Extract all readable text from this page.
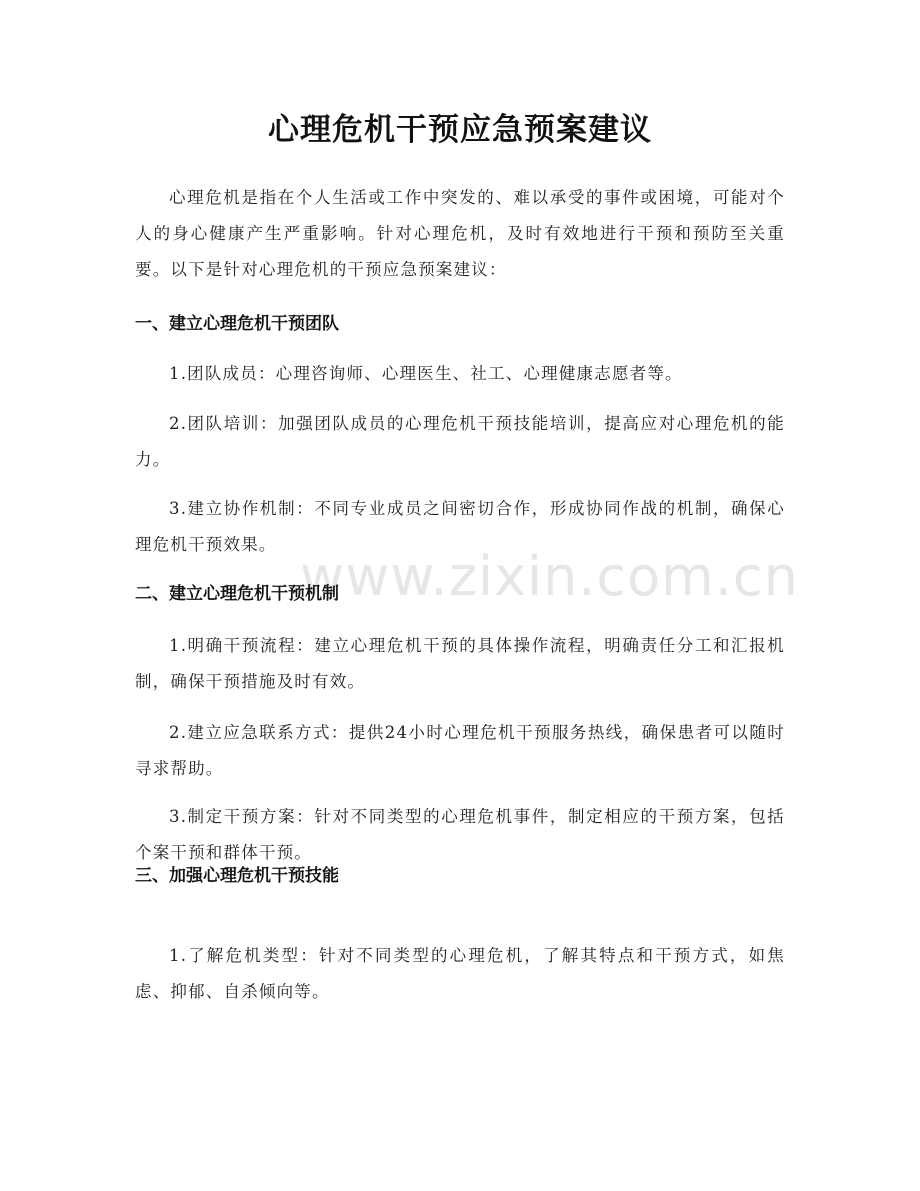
www.zixin.com.cn
心理危机干预应急预案建议

心理危机是指在个人生活或工作中突发的、难以承受的事件或困境，可能对个人的身心健康产生严重影响。针对心理危机，及时有效地进行干预和预防至关重要。以下是针对心理危机的干预应急预案建议：

一、建立心理危机干预团队

1.团队成员：心理咨询师、心理医生、社工、心理健康志愿者等。

2.团队培训：加强团队成员的心理危机干预技能培训，提高应对心理危机的能力。

3.建立协作机制：不同专业成员之间密切合作，形成协同作战的机制，确保心理危机干预效果。

二、建立心理危机干预机制

1.明确干预流程：建立心理危机干预的具体操作流程，明确责任分工和汇报机制，确保干预措施及时有效。

2.建立应急联系方式：提供24小时心理危机干预服务热线，确保患者可以随时寻求帮助。

3.制定干预方案：针对不同类型的心理危机事件，制定相应的干预方案，包括个案干预和群体干预。

三、加强心理危机干预技能

1.了解危机类型：针对不同类型的心理危机，了解其特点和干预方式，如焦虑、抑郁、自杀倾向等。
